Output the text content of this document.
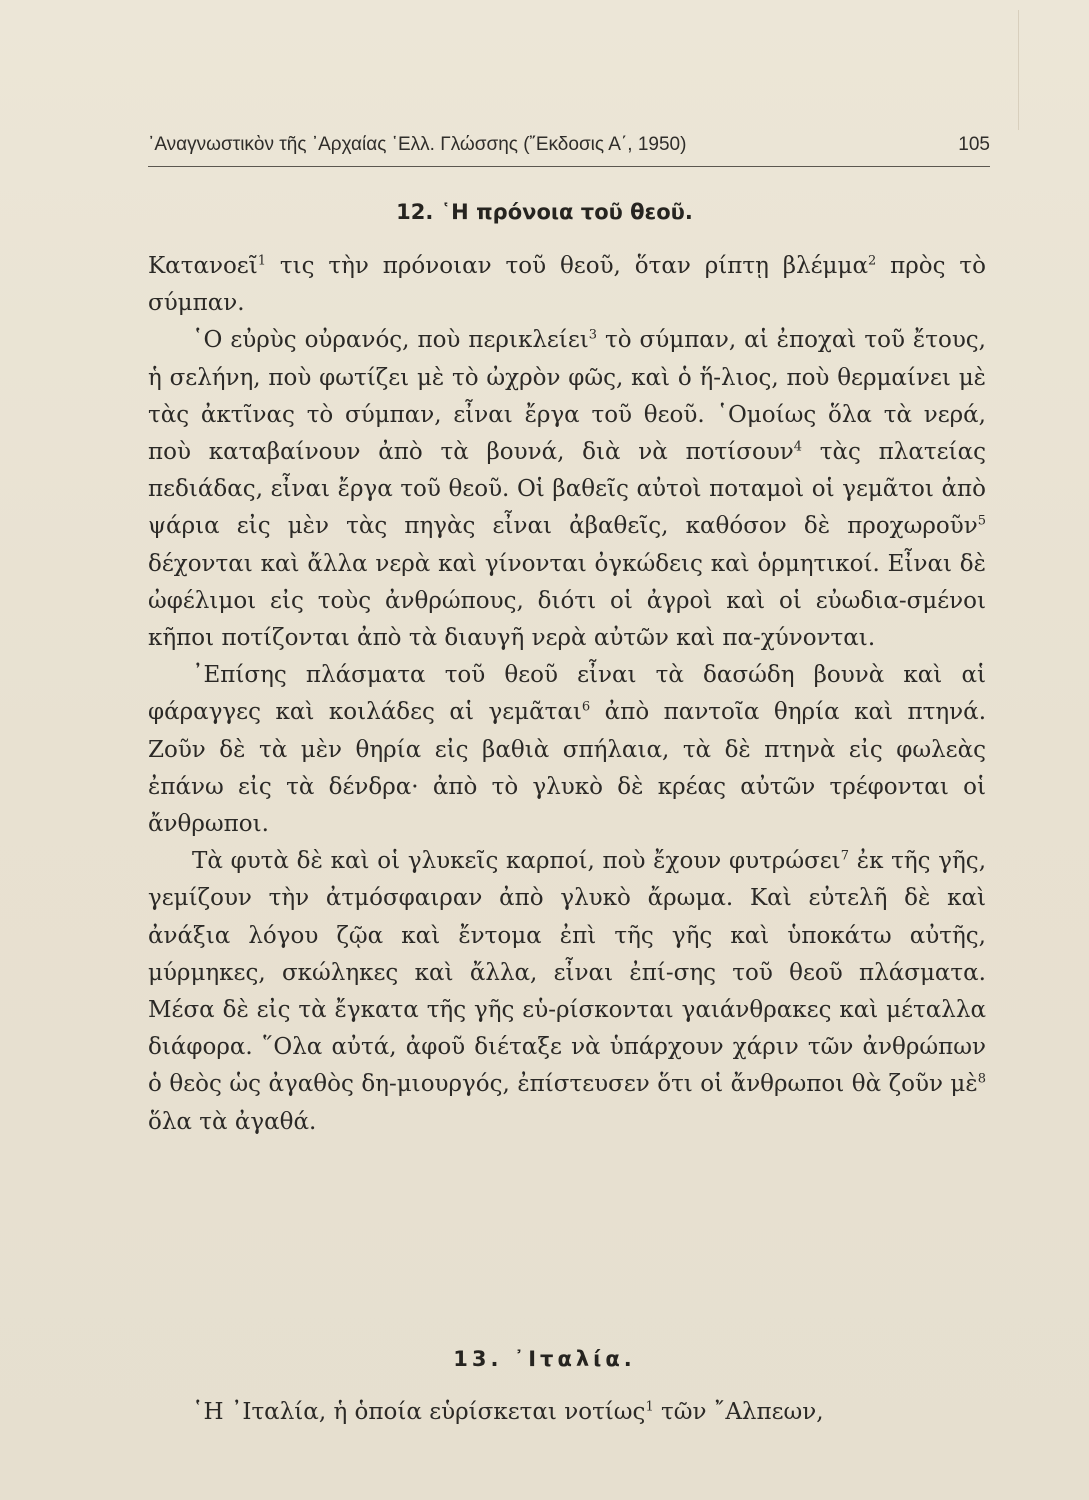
᾿Αναγνωστικὸν τῆς ᾿Αρχαίας ῾Ελλ. Γλώσσης (῎Εκδοσις Α΄, 1950)	105
12. ῾Η πρόνοια τοῦ θεοῦ.

Κατανοεῖ$^1$ τις τὴν πρόνοιαν τοῦ θεοῦ, ὅταν ρίπτῃ βλέμμα$^2$ πρὸς τὸ σύμπαν.

῾Ο εὐρὺς οὐρανός, ποὺ περικλείει$^3$ τὸ σύμπαν, αἱ ἐποχαὶ τοῦ ἔτους, ἡ σελήνη, ποὺ φωτίζει μὲ τὸ ὠχρὸν φῶς, καὶ ὁ ἥ-λιος, ποὺ θερμαίνει μὲ τὰς ἀκτῖνας τὸ σύμπαν, εἶναι ἔργα τοῦ θεοῦ. ῾Ομοίως ὅλα τὰ νερά, ποὺ καταβαίνουν ἀπὸ τὰ βουνά, διὰ νὰ ποτίσουν$^4$ τὰς πλατείας πεδιάδας, εἶναι ἔργα τοῦ θεοῦ. Οἱ βαθεῖς αὐτοὶ ποταμοὶ οἱ γεμᾶτοι ἀπὸ ψάρια εἰς μὲν τὰς πηγὰς εἶναι ἀβαθεῖς, καθόσον δὲ προχωροῦν$^5$ δέχονται καὶ ἄλλα νερὰ καὶ γίνονται ὀγκώδεις καὶ ὁρμητικοί. Εἶναι δὲ ὠφέλιμοι εἰς τοὺς ἀνθρώπους, διότι οἱ ἀγροὶ καὶ οἱ εὐωδια-σμένοι κῆποι ποτίζονται ἀπὸ τὰ διαυγῆ νερὰ αὐτῶν καὶ πα-χύνονται.

᾿Επίσης πλάσματα τοῦ θεοῦ εἶναι τὰ δασώδη βουνὰ καὶ αἱ φάραγγες καὶ κοιλάδες αἱ γεμᾶται$^6$ ἀπὸ παντοῖα θηρία καὶ πτηνά. Ζοῦν δὲ τὰ μὲν θηρία εἰς βαθιὰ σπήλαια, τὰ δὲ πτηνὰ εἰς φωλεὰς ἐπάνω εἰς τὰ δένδρα· ἀπὸ τὸ γλυκὸ δὲ κρέας αὐτῶν τρέφονται οἱ ἄνθρωποι.

Τὰ φυτὰ δὲ καὶ οἱ γλυκεῖς καρποί, ποὺ ἔχουν φυτρώσει$^7$ ἐκ τῆς γῆς, γεμίζουν τὴν ἀτμόσφαιραν ἀπὸ γλυκὸ ἄρωμα. Καὶ εὐτελῆ δὲ καὶ ἀνάξια λόγου ζῷα καὶ ἔντομα ἐπὶ τῆς γῆς καὶ ὑποκάτω αὐτῆς, μύρμηκες, σκώληκες καὶ ἄλλα, εἶναι ἐπί-σης τοῦ θεοῦ πλάσματα. Μέσα δὲ εἰς τὰ ἔγκατα τῆς γῆς εὑ-ρίσκονται γαιάνθρακες καὶ μέταλλα διάφορα. ῞Ολα αὐτά, ἀφοῦ διέταξε νὰ ὑπάρχουν χάριν τῶν ἀνθρώπων ὁ θεὸς ὡς ἀγαθὸς δη-μιουργός, ἐπίστευσεν ὅτι οἱ ἄνθρωποι θὰ ζοῦν μὲ$^8$ ὅλα τὰ ἀγαθά.

13. ᾿Ιταλία.

῾Η ᾿Ιταλία, ἡ ὁποία εὑρίσκεται νοτίως$^1$ τῶν ῎Αλπεων,
